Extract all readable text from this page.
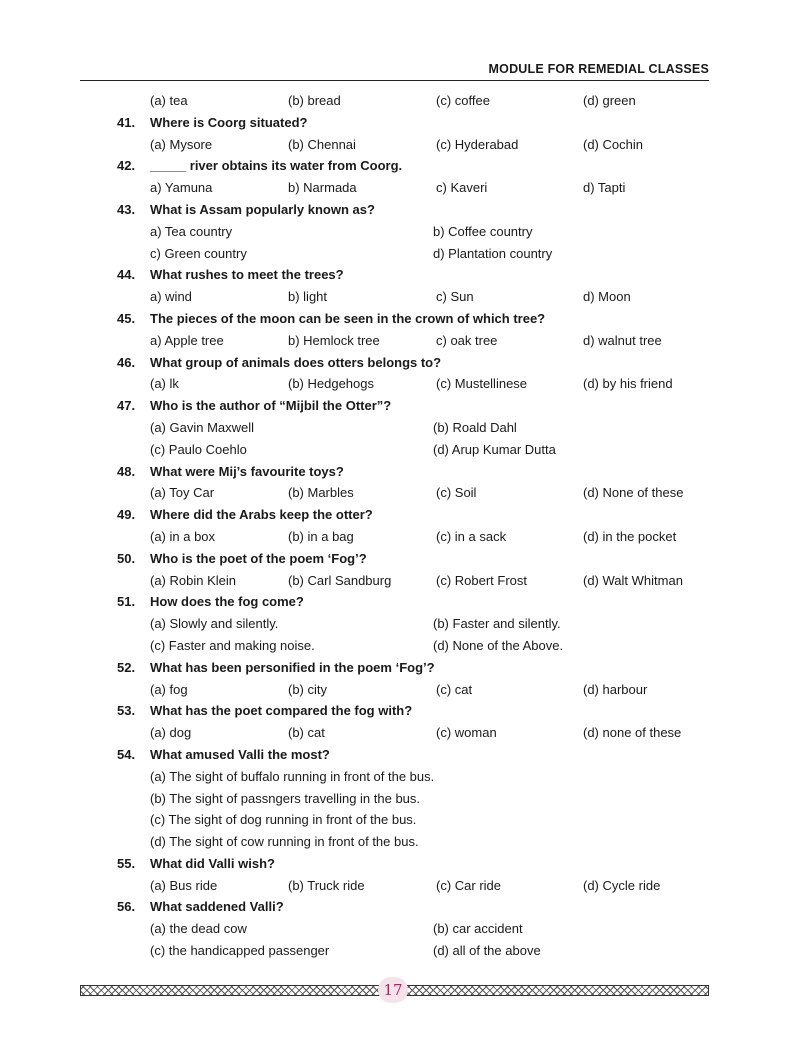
MODULE FOR REMEDIAL CLASSES
(a) tea	(b) bread	(c) coffee	(d) green
41. Where is Coorg situated?
(a) Mysore	(b) Chennai	(c) Hyderabad	(d) Cochin
42. _____ river obtains its water from Coorg.
a) Yamuna	b) Narmada	c) Kaveri	d) Tapti
43. What is Assam popularly known as?
a) Tea country	b) Coffee country
c) Green country	d) Plantation country
44. What rushes to meet the trees?
a) wind	b) light	c) Sun	d) Moon
45. The pieces of the moon can be seen in the crown of which tree?
a) Apple tree	b) Hemlock tree	c) oak tree	d) walnut tree
46. What group of animals does otters belongs to?
(a) lk	(b) Hedgehogs	(c) Mustellinese	(d) by his friend
47. Who is the author of “Mijbil the Otter”?
(a) Gavin Maxwell	(b) Roald Dahl
(c) Paulo Coehlo	(d) Arup Kumar Dutta
48. What were Mij’s favourite toys?
(a) Toy Car	(b) Marbles	(c) Soil	(d) None of these
49. Where did the Arabs keep the otter?
(a) in a box	(b) in a bag	(c) in a sack	(d) in the pocket
50. Who is the poet of the poem ‘Fog’?
(a) Robin Klein	(b) Carl Sandburg	(c) Robert Frost	(d) Walt Whitman
51. How does the fog come?
(a) Slowly and silently.	(b) Faster and silently.
(c) Faster and making noise.	(d) None of the Above.
52. What has been personified in the poem ‘Fog’?
(a) fog	(b) city	(c) cat	(d) harbour
53. What has the poet compared the fog with?
(a) dog	(b) cat	(c) woman	(d) none of these
54. What amused Valli the most?
(a) The sight of buffalo running in front of the bus.
(b) The sight of passngers travelling in the bus.
(c) The sight of dog running in front of the bus.
(d) The sight of cow running in front of the bus.
55. What did Valli wish?
(a) Bus ride	(b) Truck ride	(c) Car ride	(d) Cycle ride
56. What saddened Valli?
(a) the dead cow	(b) car accident
(c) the handicapped passenger	(d) all of the above
17
